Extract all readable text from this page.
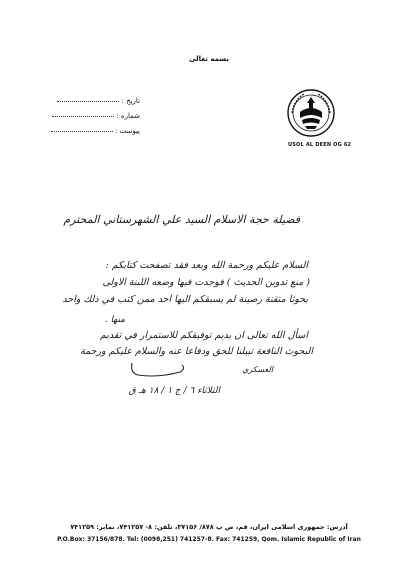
بسمه تعالی
تاریخ :
شماره :
پیوست :
USOL AL DEEN OG 62
فضيلة حجة الاسلام السيد علي الشهرستاني المحترم
السلام عليكم ورحمة الله وبعد فقد تصفحت كتابكم :
( منع تدوين الحديث ) فوجدت فيها وضعه اللبنة الاولى
بحوثا متقنة رصينة لم يسبقكم اليها احد ممن كتب في ذلك واحد
منها .
اسأل الله تعالى ان يديم توفيقكم للاستمرار في تقديم
البحوث النافعة تبيلنا للحق ودفاعا عنه والسلام عليكم ورحمة
العسكري
الثلاثاء ٦ / ج ١ / ١٨ هـ ق
آدرس: جمهوری اسلامی ایران، قم، ص پ ۸۷۸/ ۳۷۱۵۶، تلفن: ۸- ۷۴۱۲۵۷، نمابر: ۷۴۱۲۵۹
P.O.Box: 37156/878. Tel: (0098,251) 741257-8. Fax: 741259, Qom. Islamic Republic of Iran
